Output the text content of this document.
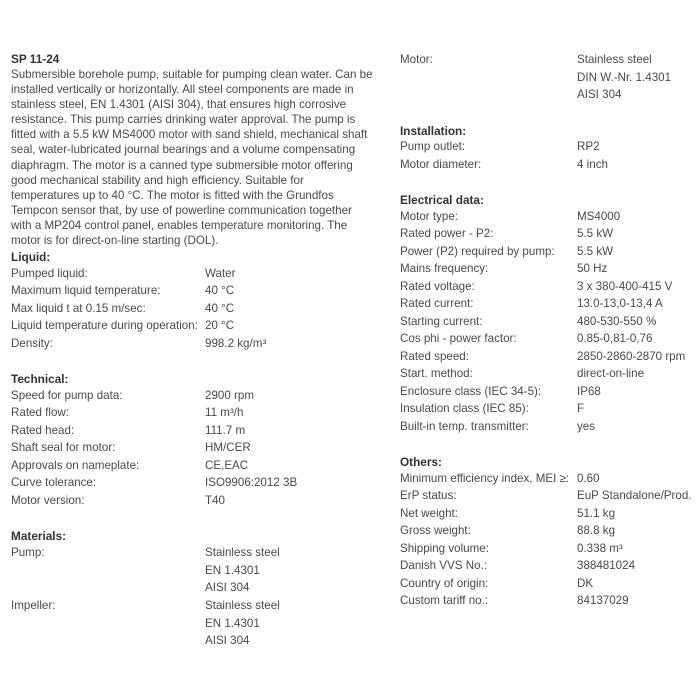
SP 11-24

Submersible borehole pump, suitable for pumping clean water. Can be installed vertically or horizontally. All steel components are made in stainless steel, EN 1.4301 (AISI 304), that ensures high corrosive resistance. This pump carries drinking water approval. The pump is fitted with a 5.5 kW MS4000 motor with sand shield, mechanical shaft seal, water-lubricated journal bearings and a volume compensating diaphragm. The motor is a canned type submersible motor offering good mechanical stability and high efficiency. Suitable for temperatures up to 40 °C. The motor is fitted with the Grundfos Tempcon sensor that, by use of powerline communication together with a MP204 control panel, enables temperature monitoring. The motor is for direct-on-line starting (DOL).

Liquid:
Pumped liquid:	Water
Maximum liquid temperature:	40 °C
Max liquid t at 0.15 m/sec:	40 °C
Liquid temperature during operation: 20 °C
Density:	998.2 kg/m³
Technical:
Speed for pump data:	2900 rpm
Rated flow:	11 m³/h
Rated head:	111.7 m
Shaft seal for motor:	HM/CER
Approvals on nameplate:	CE,EAC
Curve tolerance:	ISO9906:2012 3B
Motor version:	T40
Materials:
Pump:	Stainless steel
EN 1.4301
AISI 304
Impeller:	Stainless steel
EN 1.4301
AISI 304
Motor:	Stainless steel
DIN W.-Nr. 1.4301
AISI 304
Installation:
Pump outlet:	RP2
Motor diameter:	4 inch
Electrical data:
Motor type:	MS4000
Rated power - P2:	5.5 kW
Power (P2) required by pump: 5.5 kW
Mains frequency:	50 Hz
Rated voltage:	3 x 380-400-415 V
Rated current:	13.0-13,0-13,4 A
Starting current:	480-530-550 %
Cos phi - power factor:	0.85-0,81-0,76
Rated speed:	2850-2860-2870 rpm
Start. method:	direct-on-line
Enclosure class (IEC 34-5):	IP68
Insulation class (IEC 85):	F
Built-in temp. transmitter:	yes
Others:
Minimum efficiency index, MEI ≥: 0.60
ErP status:	EuP Standalone/Prod.
Net weight:	51.1 kg
Gross weight:	88.8 kg
Shipping volume:	0.338 m³
Danish VVS No.:	388481024
Country of origin:	DK
Custom tariff no.:	84137029
